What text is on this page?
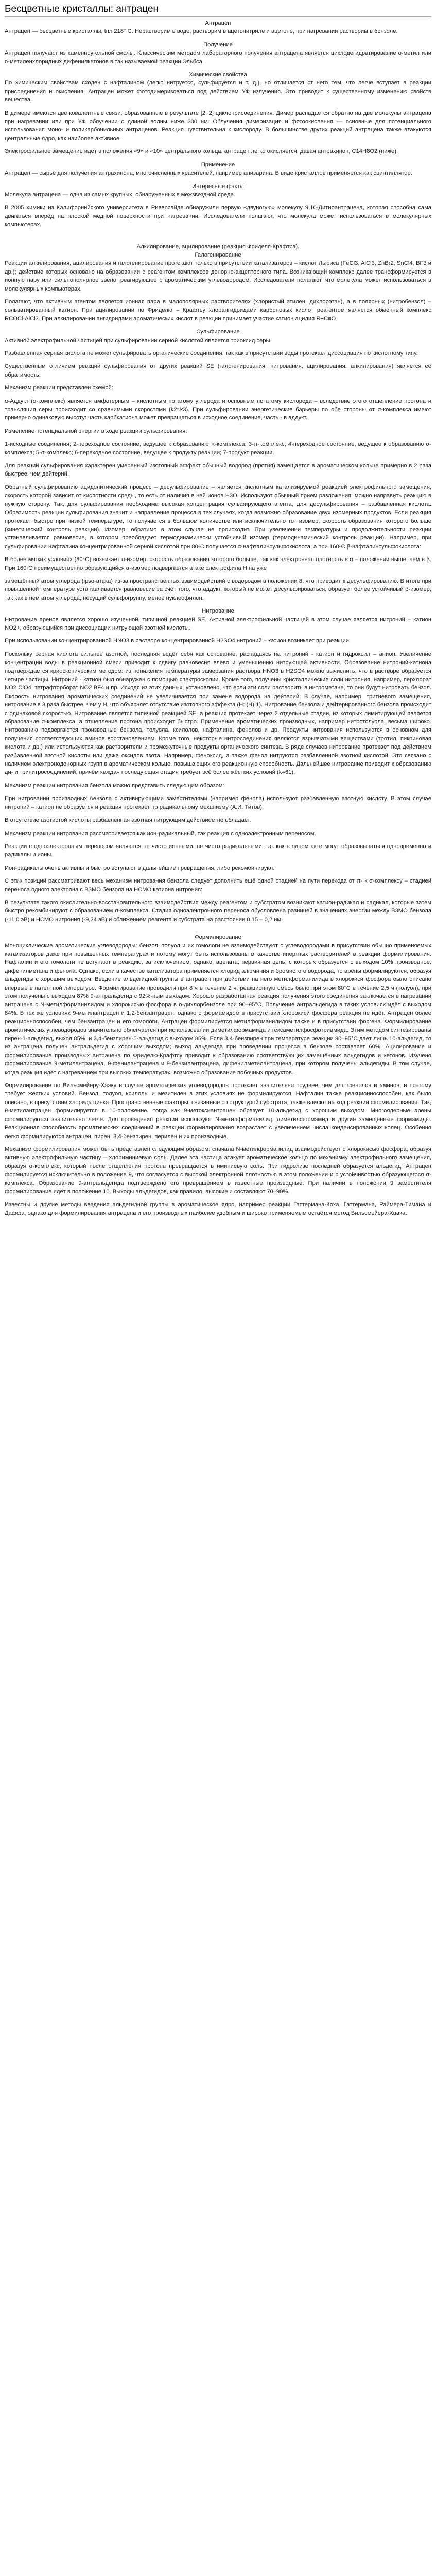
Бесцветные кристаллы: антрацен
Антрацен

Антрацен — бесцветные кристаллы, tпл 218° C. Нерастворим в воде, растворим в ацетонитриле и ацетоне, при нагревании растворим в бензоле.

Получение

Антрацен получают из каменноугольной смолы. Классическим методом лабораторного получения антрацена является циклодегидратирование о-метил или о-метиленхлоридных дифенилкетонов в так называемой реакции Эльбса.

Химические свойства

По химическим свойствам сходен с нафталином (легко нитруется, сульфируется и т. д.), но отличается от него тем, что легче вступает в реакции присоединения и окисления. Антрацен может фотодимеризоваться под действием УФ излучения. Это приводит к существенному изменению свойств вещества.

В димере имеются две ковалентные связи, образованные в результате [2+2] циклоприсоединения. Димер распадается обратно на две молекулы антрацена при нагревании или при УФ облучении с длиной волны ниже 300 нм. Облучения димеризация и фотоокисления — основные для потенциального использования моно- и поликарбонильных антраценов. Реакция чувствительна к кислороду. В большинстве других реакций антрацена также атакуются центральные ядро, как наиболее активное.

Электрофильное замещение идёт в положения «9» и «10» центрального кольца, антрацен легко окисляется, давая антрахинон, C14H8O2 (ниже).

Применение

Антрацен — сырьё для получения антрахинона, многочисленных красителей, например ализарина. В виде кристаллов применяется как сцинтиллятор.

Интересные факты

Молекула антрацена — одна из самых крупных, обнаруженных в межзвездной среде.

В 2005 химики из Калифорнийского университета в Риверсайде обнаружили первую «двуногую» молекулу 9,10-Дитиоантрацена, которая способна сама двигаться вперёд на плоской медной поверхности при нагревании. Исследователи полагают, что молекула может использоваться в молекулярных компьютерах.

Алкилирование, ацилирование (реакция Фриделя-Крафтса).
Галогенирование

Реакции алкилирования, ацилирования и галогенирование протекают только в присутствии катализаторов – кислот Льюиса (FeCl3, AlCl3, ZnBr2, SnCl4, BF3 и др.); действие которых основано на образовании с реагентом комплексов донорно-акцепторного типа. Возникающий комплекс далее трансформируется в ионную пару или сильнополярное звено, реагирующее с ароматическим углеводородом. Исследователи полагают, что молекула может использоваться в молекулярных компьютерах.

Полагают, что активным агентом является ионная пара в малополярных растворителях (хлористый этилен, дихлорэтан), а в полярных (нитробензол) – сольватированный катион. При ацилировании по Фриделю – Крафтсу хлорангидридами карбоновых кислот реагентом является обменный комплекс RCOCl·AlCl3. При алкилировании ангидридами ароматических кислот в реакции принимает участие катион ацилия R−C≡O.

Сульфирование

Активной электрофильной частицей при сульфировании серной кислотой является триоксид серы.

Разбавленная серная кислота не может сульфировать органические соединения, так как в присутствии воды протекает диссоциация по кислотному типу.

Существенным отличием реакции сульфирования от других реакций SE (галогенирования, нитрования, ацилирования, алкилирования) является её обратимость:

Механизм реакции представлен схемой:

α-Аддукт (σ-комплекс) является амфотерным – кислотным по атому углерода и основным по атому кислорода – вследствие этого отщепление протона и трансляция серы происходит со сравнимыми скоростями (k2≈k3). При сульфировании энергетические барьеры по обе стороны от σ-комплекса имеют примерно одинаковую высоту: часть карбкатиона может превращаться в исходное соединение, часть - в аддукт.

Изменение потенциальной энергии в ходе реакции сульфирования:

1-исходные соединения; 2-переходное состояние, ведущее к образованию π-комплекса; 3-π-комплекс; 4-переходное состояние, ведущее к образованию σ-комплекса; 5-σ-комплекс; 6-переходное состояние, ведущее к продукту реакции; 7-продукт реакции.

Для реакций сульфирования характерен умеренный изотопный эффект обычный водород (протия) замещается в ароматическом кольце примерно в 2 раза быстрее, чем дейтерий.

Обратный сульфированию ацидолитический процесс – десульфирование – является кислотным катализируемой реакцией электрофильного замещения, скорость которой зависит от кислотности среды, то есть от наличия в ней ионов H3O. Используют обычный прием разложения; можно направить реакцию в нужную сторону. Так, для сульфирования необходима высокая концентрация сульфирующего агента, для десульфирования – разбавленная кислота. Обратимость реакции сульфирования значит и направление процесса в тех случаях, когда возможно образование двух изомерных продуктов. Если реакция протекает быстро при низкой температуре, то получается в большом количестве или исключительно тот изомер, скорость образования которого больше (кинетический контроль реакции). Изомер, обратимо в этом случае не происходит. При увеличении температуры и продолжительности реакции устанавливается равновесие, в котором преобладает термодинамически устойчивый изомер (термодинамический контроль реакции). Например, при сульфировании нафталина концентрированной серной кислотой при 80◦C получается α-нафталинсульфокислота, а при 160◦C β-нафталинсульфокислота:

В более мягких условиях (80◦C) возникает α-изомер, скорость образования которого больше, так как электронная плотность в α – положении выше, чем в β. При 160◦C преимущественно образующийся α-изомер подвергается атаке электрофила H на уже

замещённый атом углерода (ipso-атака) из-за пространственных взаимодействий с водородом в положении 8, что приводит к десульфированию. В итоге при повышенной температуре устанавливается равновесие за счёт того, что аддукт, который не может десульфироваться, образует более устойчивый β-изомер, так как в нем атом углерода, несущий сульфогруппу, менее нуклеофилен.

Нитрование

Нитрование аренов является хорошо изученной, типичной реакцией SE. Активной электрофильной частицей в этом случае является нитроний – катион NO2+, образующийся при диссоциации нитрующей азотной кислоты.

При использовании концентрированной HNO3 в растворе концентрированной H2SO4 нитроний – катион возникает при реакции:

Поскольку серная кислота сильнее азотной, последняя ведёт себя как основание, распадаясь на нитроний - катион и гидроксил – анион. Увеличение концентрации воды в реакционной смеси приводит к сдвигу равновесия влево и уменьшению нитрующей активности. Образование нитроний-катиона подтверждается криоскопическим методом: из понижения температуры замерзания раствора HNO3 в H2SO4 можно вычислить, что в растворе образуется четыре частицы. Нитроний - катион был обнаружен с помощью спектроскопии. Кроме того, получены кристаллические соли нитрония, например, перхлорат NO2 ClO4, тетрафторборат NO2 BF4 и пр. Исходя из этих данных, установлено, что если эти соли растворить в нитрометане, то они будут нитровать бензол. Скорость нитрования ароматических соединений не увеличивается при замене водорода на дейтерий. В случае, например, тритиевого замещения, нитрование в 3 раза быстрее, чем у H, что объясняет отсутствие изотопного эффекта (Н: (Н) 1). Нитрование бензола и дейтерированного бензола происходит с одинаковой скоростью. Нитрование является типичной реакцией SE, а реакция протекает через 2 отдельные стадии, из которых лимитирующей является образование σ-комплекса, а отщепление протона происходит быстро. Применение ароматических производных, например нитротолуола, весьма широко. Нитрованию подвергаются производные бензола, толуола, ксилолов, нафталина, фенолов и др. Продукты нитрования используются в основном для получения соответствующих аминов восстановлением. Кроме того, некоторые нитросоединения являются взрывчатыми веществами (тротил, пикриновая кислота и др.) или используются как растворители и промежуточные продукты органического синтеза. В ряде случаев нитрование протекает под действием разбавленной азотной кислоты или даже оксидов азота. Например, феноксид, а также фенол нитруются разбавленной азотной кислотой. Это связано с наличием электронодонорных групп в ароматическом кольце, повышающих его реакционную способность. Дальнейшее нитрование приводит к образованию ди- и тринитросоединений, причём каждая последующая стадия требует всё более жёстких условий (k=61).

Механизм реакции нитрования бензола можно представить следующим образом:

При нитровании производных бензола с активирующими заместителями (например фенола) используют разбавленную азотную кислоту. В этом случае нитроний – катион не образуется и реакция протекает по радикальному механизму (А.И. Титов):

В отсутствие азотистой кислоты разбавленная азотная нитрующим действием не обладает.

Механизм реакции нитрования рассматривается как ион-радикальный, так реакция с одноэлектронным переносом.

Реакции с одноэлектронным переносом являются не чисто ионными, не чисто радикальными, так как в одном акте могут образовываться одновременно и радикалы и ионы.

Ион-радикалы очень активны и быстро вступают в дальнейшие превращения, либо рекомбинируют.

С этих позиций рассматривают весь механизм нитрования бензола следует дополнить ещё одной стадией на пути перехода от π- к σ-комплексу – стадией переноса одного электрона с ВЗМО бензола на НСМО катиона нитрония:

В результате такого окислительно-восстановительного взаимодействия между реагентом и субстратом возникают катион-радикал и радикал, которые затем быстро рекомбинируют с образованием σ-комплекса. Стадия одноэлектронного переноса обусловлена разницей в значениях энергии между ВЗМО бензола (-11,0 эВ) и НСМО нитрония (-9,24 эВ) и сближением реагента и субстрата на расстоянии 0,15 – 0,2 нм.

Формилирование

Моноциклические ароматические углеводороды: бензол, толуол и их гомологи не взаимодействуют с углеводородами в присутствии обычно применяемых катализаторов даже при повышенных температурах и потому могут быть использованы в качестве инертных растворителей в реакции формилирования. Нафталин и его гомологи не вступают в реакцию, за исключением, однако, ацената, первичная цепь, с которых образуется с выходом 10% производное, дифенилметана и фенола. Однако, если в качестве катализатора применяется хлорид алюминия и бромистого водорода, то арены формилируются, образуя альдегиды с хорошим выходом. Введение альдегидной группы в антрацен при действии на него метилформанилида в хлорокиси фосфора было описано впервые в патентной литературе. Формилирование проводили при 8 ч в течение 2 ч; реакционную смесь было при этом 80°C в течение 2,5 ч (толуол), при этом получены с выходом 87% 9-антральдегид с 92%-ным выходом. Хорошо разработанная реакция получения этого соединения заключается в нагревании антрацена с N-метилформанилидом и хлорокисью фосфора в о-дихлорбензоле при 90–95°C. Получение антральдегида в таких условиях идёт с выходом 84%. В тех же условиях 9-метилантрацен и 1,2-бензантрацен, однако с формамидом в присутствии хлорокиси фосфора реакция не идёт. Антрацен более реакционноспособен, чем бензантрацен и его гомологи. Антрацен формилируется метилформанилидом также и в присутствии фосгена. Формилирование ароматических углеводородов значительно облегчается при использовании диметилформамида и гексаметилфосфотриамида. Этим методом синтезированы пирен-1-альдегид, выход 85%, и 3,4-бензпирен-5-альдегид с выходом 85%. Если 3,4-бензпирен при температуре реакции 90–95°C даёт лишь 10-альдегид, то из антрацена получен антральдегид с хорошим выходом; выход альдегида при проведении процесса в бензоле составляет 60%. Ацилирование и формилирование производных антрацена по Фриделю-Крафтсу приводит к образованию соответствующих замещённых альдегидов и кетонов. Изучено формилирование 9-метилантрацена, 9-фенилантрацена и 9-бензилантрацена, дифенилметилантрацена, при котором получены альдегиды. В том случае, когда реакция идёт с нагреванием при высоких температурах, возможно образование побочных продуктов.

Формилирование по Вильсмейеру-Хааку в случае ароматических углеводородов протекает значительно труднее, чем для фенолов и аминов, и поэтому требует жёстких условий. Бензол, толуол, ксилолы и мезитилен в этих условиях не формилируются. Нафталин также реакционноспособен, как было описано, в присутствии хлорида цинка. Пространственные факторы, связанные со структурой субстрата, также влияют на ход реакции формилирования. Так, 9-метилантрацен формилируется в 10-положение, тогда как 9-метоксиантрацен образует 10-альдегид с хорошим выходом. Многоядерные арены формилируются значительно легче. Для проведения реакции используют N-метилформанилид, диметилформамид и другие замещённые формамиды. Реакционная способность ароматических соединений в реакции формилирования возрастает с увеличением числа конденсированных колец. Особенно легко формилируются антрацен, пирен, 3,4-бензпирен, перилен и их производные.

Механизм формилирования может быть представлен следующим образом: сначала N-метилформанилид взаимодействует с хлорокисью фосфора, образуя активную электрофильную частицу – хлориминиевую соль. Далее эта частица атакует ароматическое кольцо по механизму электрофильного замещения, образуя σ-комплекс, который после отщепления протона превращается в иминиевую соль. При гидролизе последней образуется альдегид. Антрацен формилируется исключительно в положение 9, что согласуется с высокой электронной плотностью в этом положении и с устойчивостью образующегося σ-комплекса. Образование 9-антральдегида подтверждено его превращением в известные производные. При наличии в положении 9 заместителя формилирование идёт в положение 10. Выходы альдегидов, как правило, высокие и составляют 70–90%.

Известны и другие методы введения альдегидной группы в ароматическое ядро, например реакции Гаттермана-Коха, Гаттермана, Раймера-Тимана и Даффа, однако для формилирования антрацена и его производных наиболее удобным и широко применяемым остаётся метод Вильсмейера-Хаака.
